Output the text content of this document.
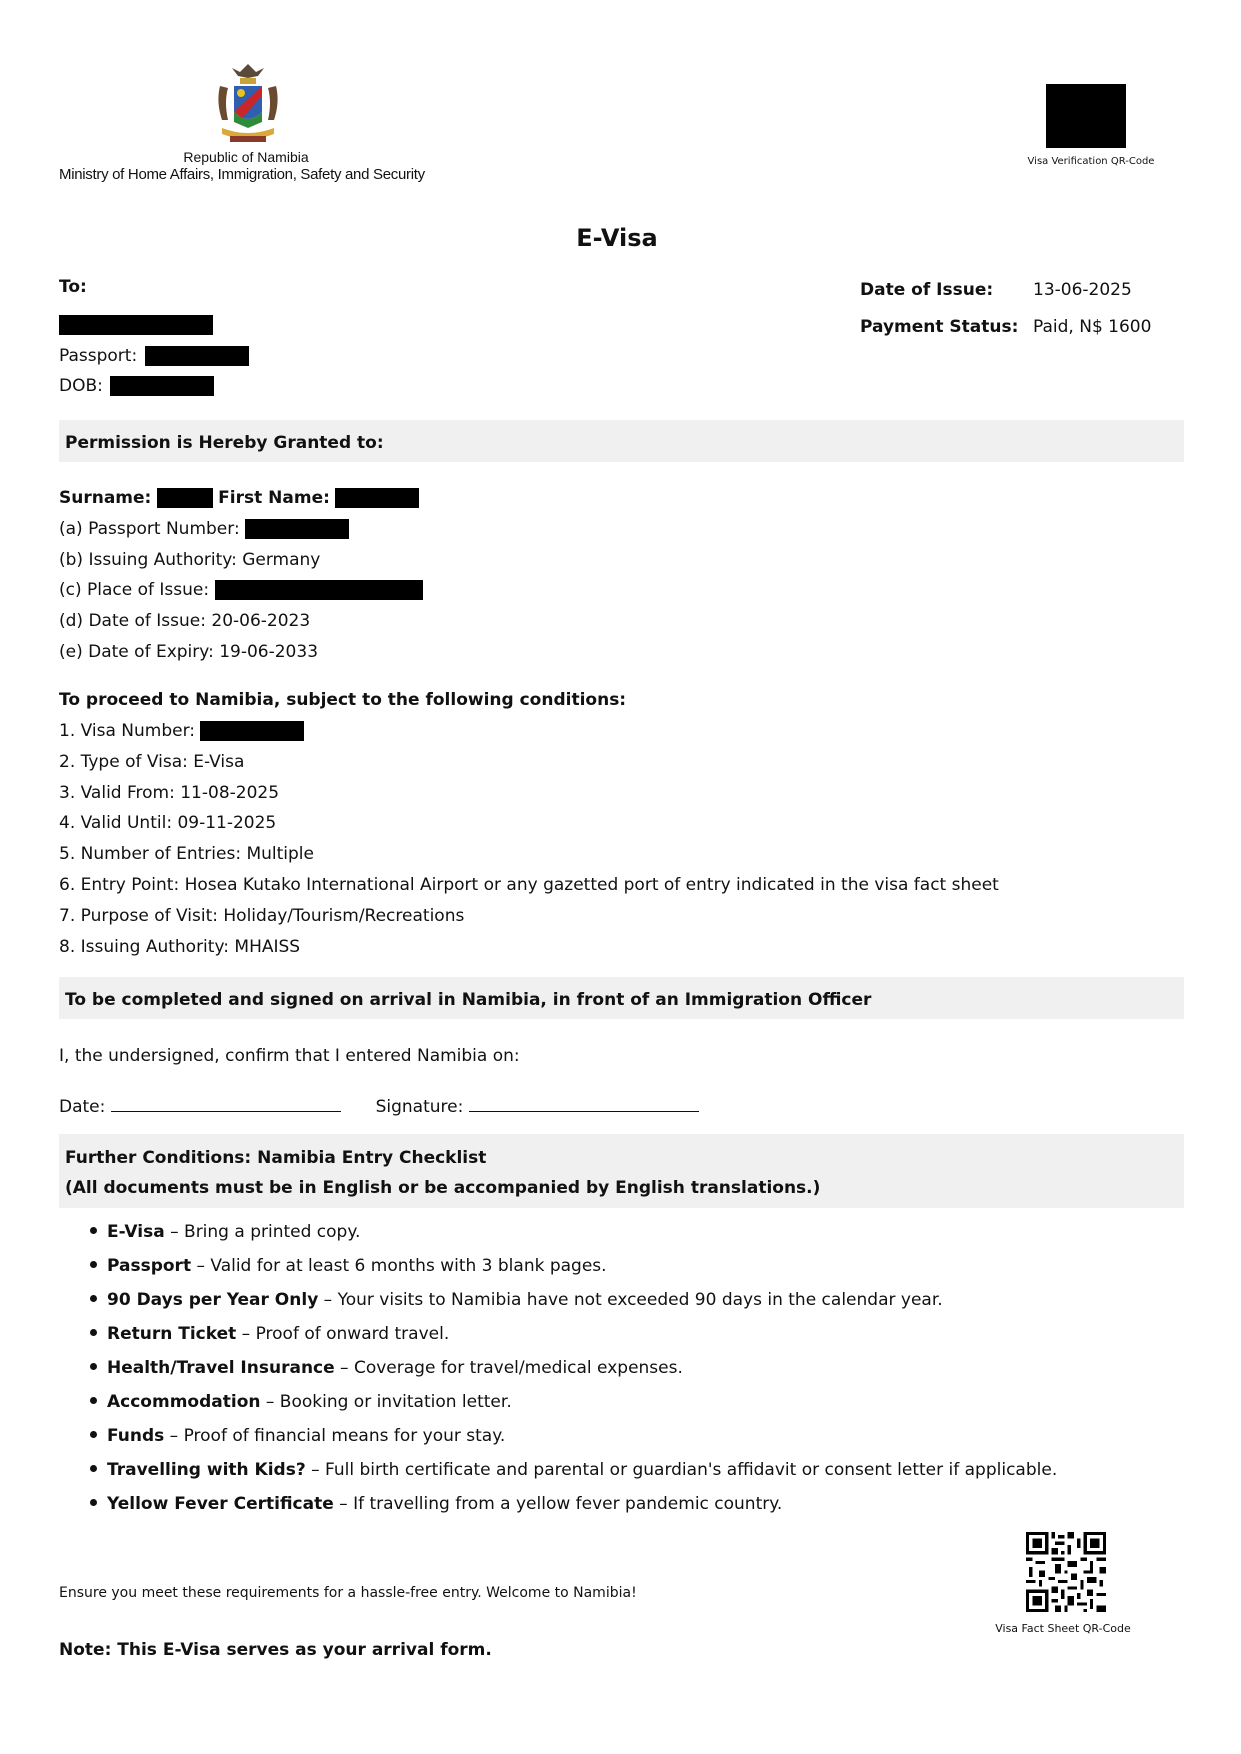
Republic of Namibia
Ministry of Home Affairs, Immigration, Safety and Security
Visa Verification QR-Code
E-Visa
To:
Passport:
DOB:
Date of Issue: 13-06-2025
Payment Status: Paid, N$ 1600
Permission is Hereby Granted to:
Surname:	First Name:
(a) Passport Number:
(b) Issuing Authority: Germany
(c) Place of Issue:
(d) Date of Issue: 20-06-2023
(e) Date of Expiry: 19-06-2033
To proceed to Namibia, subject to the following conditions:
1. Visa Number:
2. Type of Visa: E-Visa
3. Valid From: 11-08-2025
4. Valid Until: 09-11-2025
5. Number of Entries: Multiple
6. Entry Point: Hosea Kutako International Airport or any gazetted port of entry indicated in the visa fact sheet
7. Purpose of Visit: Holiday/Tourism/Recreations
8. Issuing Authority: MHAISS
To be completed and signed on arrival in Namibia, in front of an Immigration Officer
I, the undersigned, confirm that I entered Namibia on:
Date:	Signature:
Further Conditions: Namibia Entry Checklist
(All documents must be in English or be accompanied by English translations.)
E-Visa – Bring a printed copy.
Passport – Valid for at least 6 months with 3 blank pages.
90 Days per Year Only – Your visits to Namibia have not exceeded 90 days in the calendar year.
Return Ticket – Proof of onward travel.
Health/Travel Insurance – Coverage for travel/medical expenses.
Accommodation – Booking or invitation letter.
Funds – Proof of financial means for your stay.
Travelling with Kids? – Full birth certificate and parental or guardian's affidavit or consent letter if applicable.
Yellow Fever Certificate – If travelling from a yellow fever pandemic country.
Ensure you meet these requirements for a hassle-free entry. Welcome to Namibia!
Visa Fact Sheet QR-Code
Note: This E-Visa serves as your arrival form.
